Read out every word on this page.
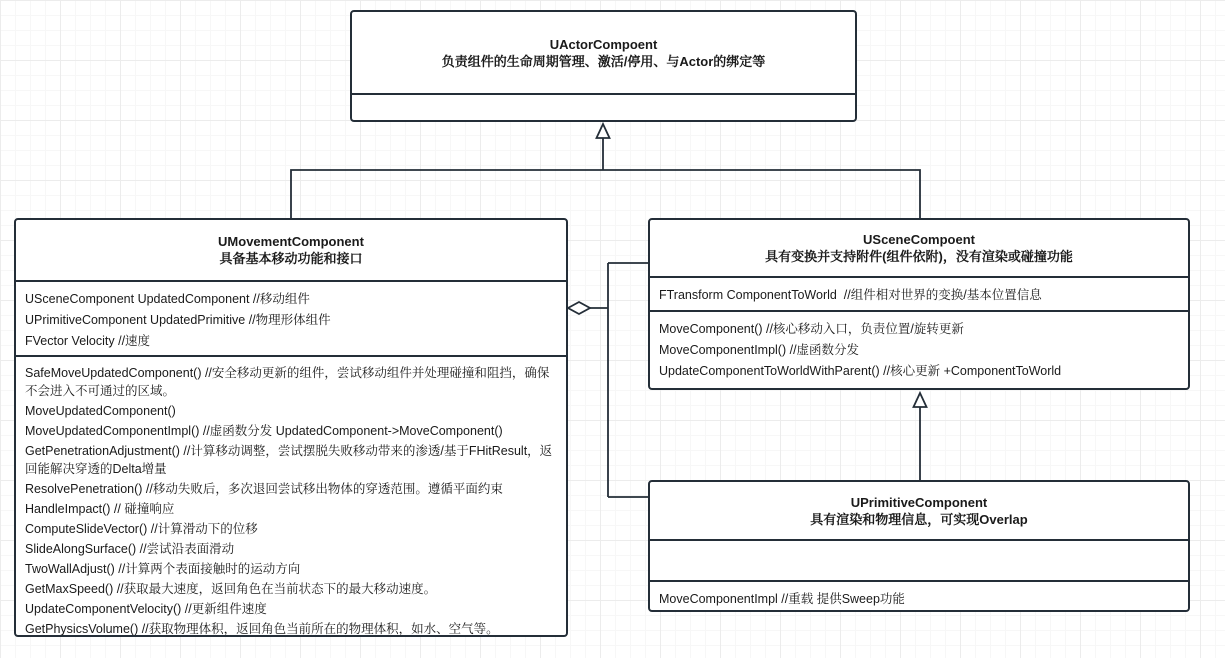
UActorCompoent
负责组件的生命周期管理、激活/停用、与Actor的绑定等
UMovementComponent
具备基本移动功能和接口
USceneComponent UpdatedComponent //移动组件
UPrimitiveComponent UpdatedPrimitive //物理形体组件
FVector Velocity //速度
SafeMoveUpdatedComponent() //安全移动更新的组件，尝试移动组件并处理碰撞和阻挡，确保不会进入不可通过的区域。
MoveUpdatedComponent()
MoveUpdatedComponentImpl() //虚函数分发 UpdatedComponent->MoveComponent()
GetPenetrationAdjustment() //计算移动调整，尝试摆脱失败移动带来的渗透/基于FHitResult，返回能解决穿透的Delta增量
ResolvePenetration() //移动失败后，多次退回尝试移出物体的穿透范围。遵循平面约束
HandleImpact() // 碰撞响应
ComputeSlideVector() //计算滑动下的位移
SlideAlongSurface() //尝试沿表面滑动
TwoWallAdjust() //计算两个表面接触时的运动方向
GetMaxSpeed() //获取最大速度，返回角色在当前状态下的最大移动速度。
UpdateComponentVelocity() //更新组件速度
GetPhysicsVolume() //获取物理体积，返回角色当前所在的物理体积，如水、空气等。
USceneCompoent
具有变换并支持附件(组件依附)，没有渲染或碰撞功能
FTransform ComponentToWorld  //组件相对世界的变换/基本位置信息
MoveComponent() //核心移动入口，负责位置/旋转更新
MoveComponentImpl() //虚函数分发
UpdateComponentToWorldWithParent() //核心更新 +ComponentToWorld
UPrimitiveComponent
具有渲染和物理信息，可实现Overlap
MoveComponentImpl //重载 提供Sweep功能
